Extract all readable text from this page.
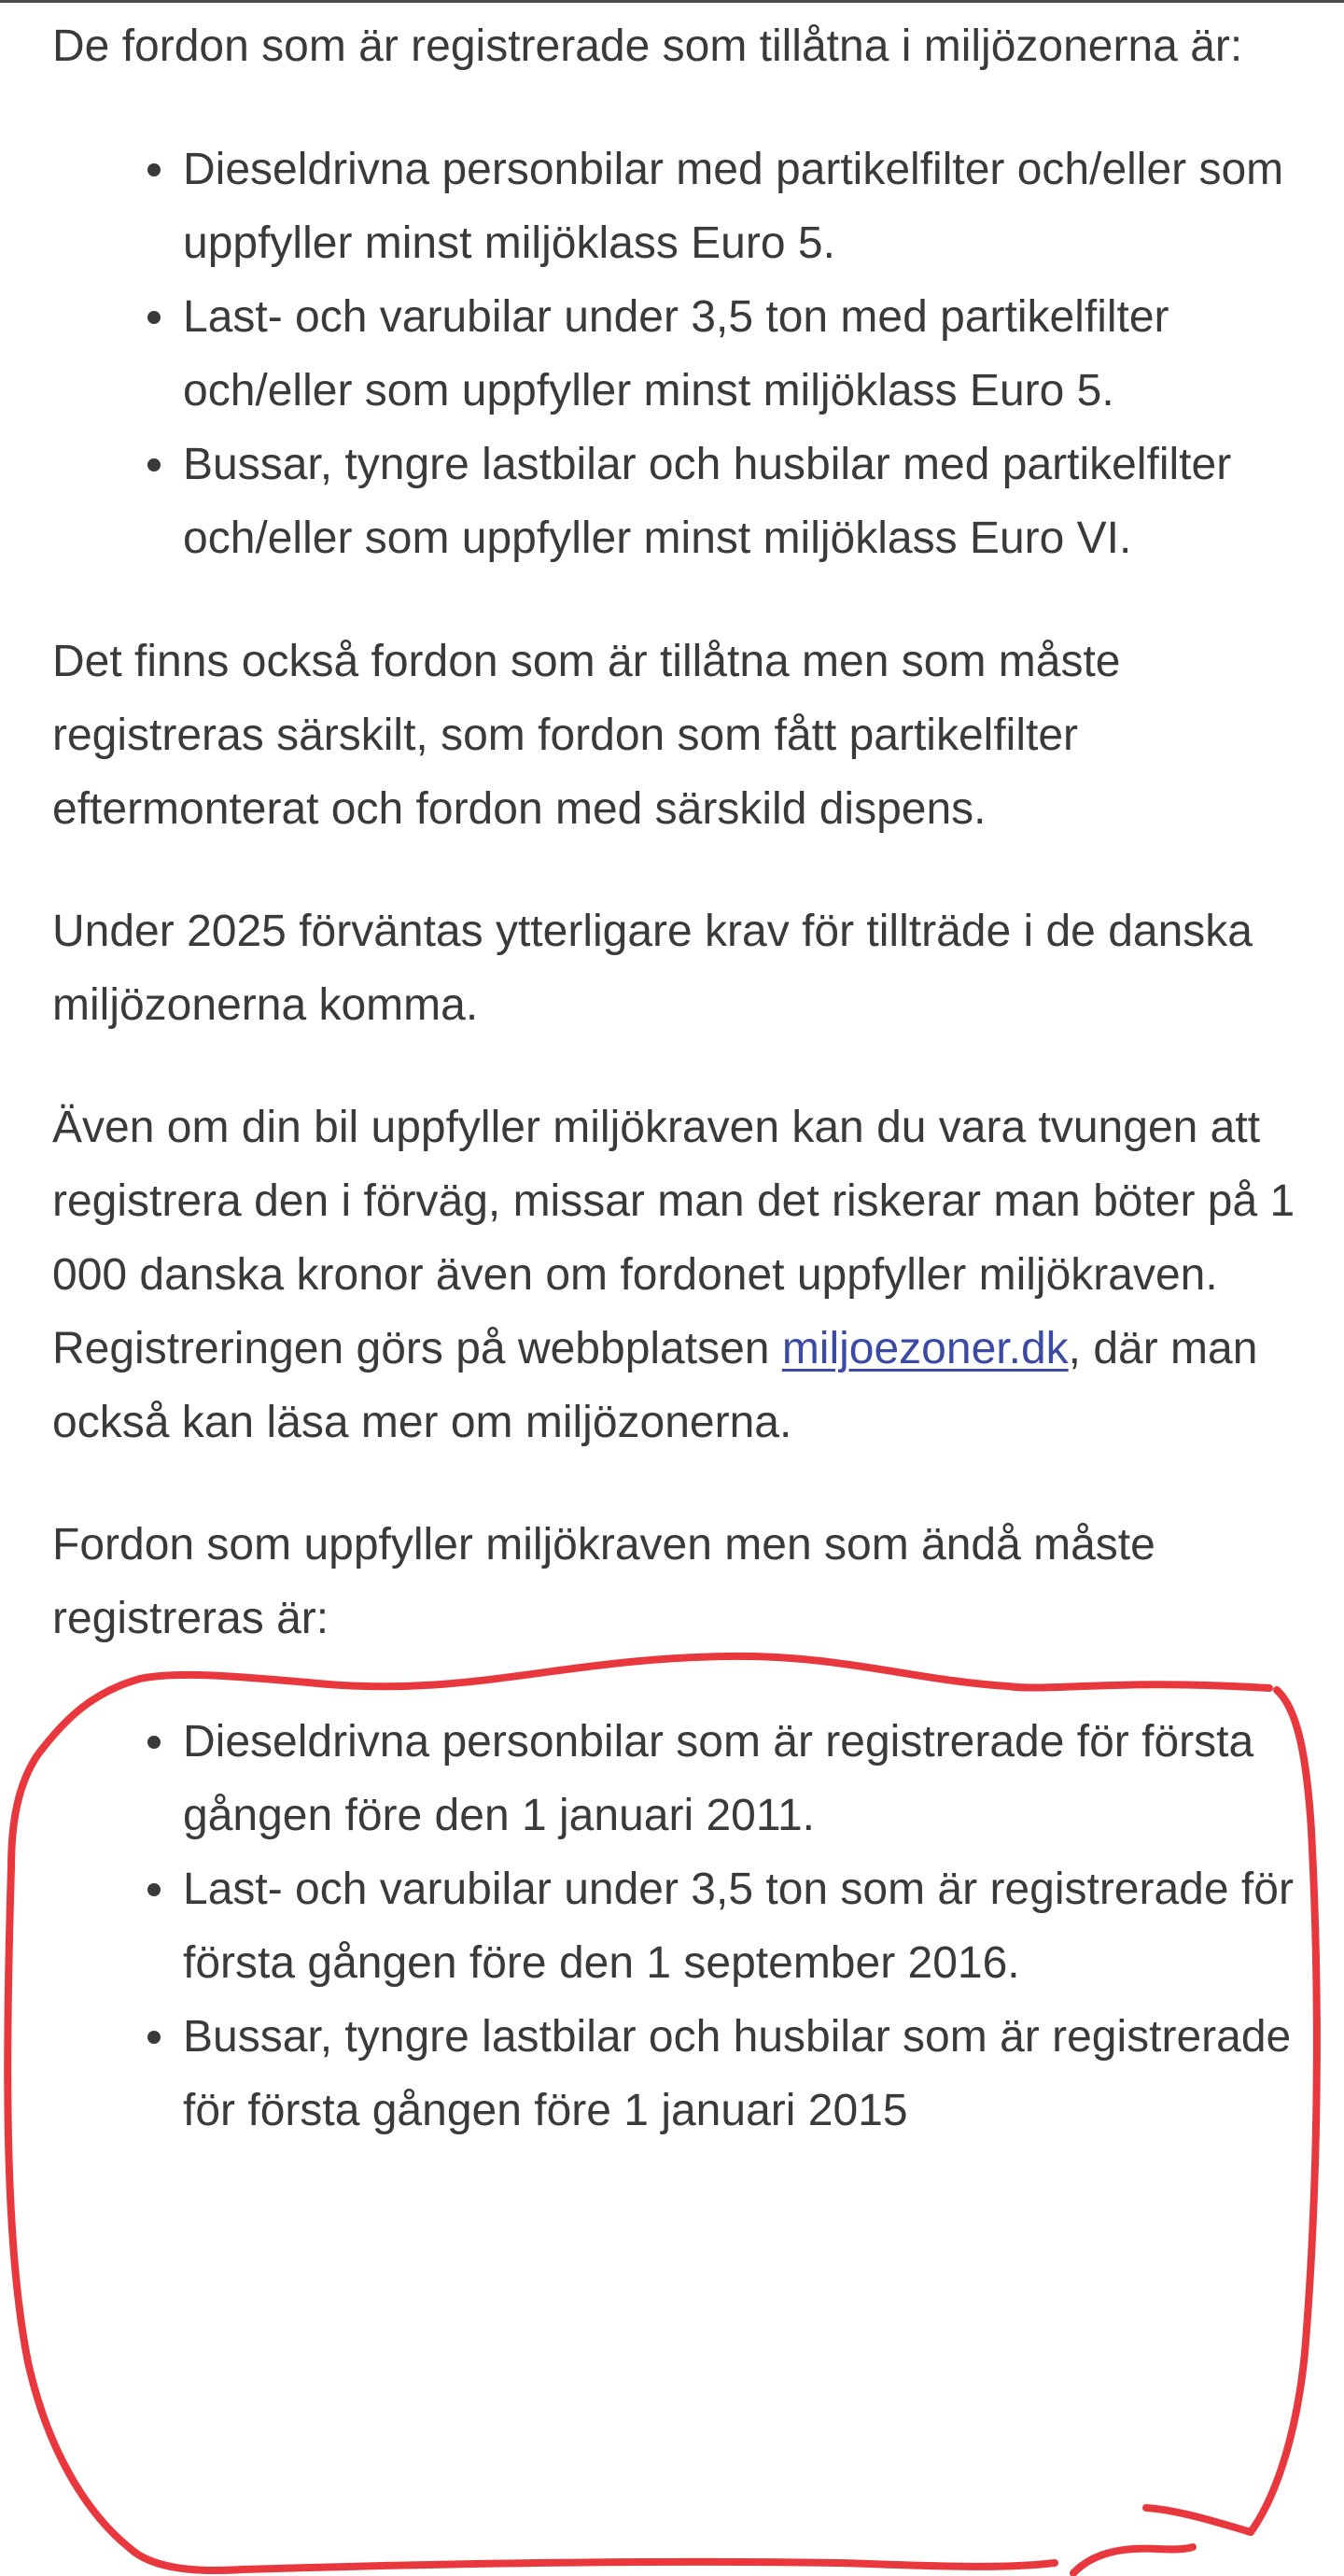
De fordon som är registrerade som tillåtna i miljözonerna är:

Dieseldrivna personbilar med partikelfilter och/eller som uppfyller minst miljöklass Euro 5.
Last- och varubilar under 3,5 ton med partikelfilter och/eller som uppfyller minst miljöklass Euro 5.
Bussar, tyngre lastbilar och husbilar med partikelfilter och/eller som uppfyller minst miljöklass Euro VI.

Det finns också fordon som är tillåtna men som måste registreras särskilt, som fordon som fått partikelfilter eftermonterat och fordon med särskild dispens.

Under 2025 förväntas ytterligare krav för tillträde i de danska miljözonerna komma.

Även om din bil uppfyller miljökraven kan du vara tvungen att registrera den i förväg, missar man det riskerar man böter på 1 000 danska kronor även om fordonet uppfyller miljökraven. Registreringen görs på webbplatsen miljoezoner.dk, där man också kan läsa mer om miljözonerna.

Fordon som uppfyller miljökraven men som ändå måste registreras är:

Dieseldrivna personbilar som är registrerade för första gången före den 1 januari 2011.
Last- och varubilar under 3,5 ton som är registrerade för första gången före den 1 september 2016.
Bussar, tyngre lastbilar och husbilar som är registrerade för första gången före 1 januari 2015
